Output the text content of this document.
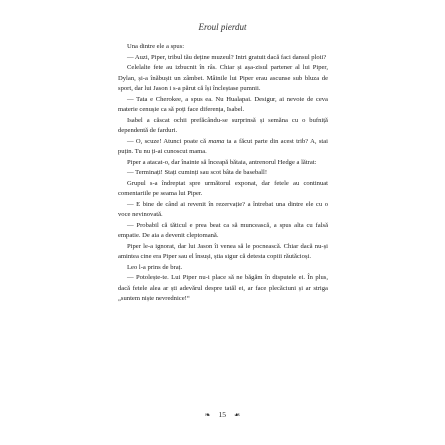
Eroul pierdut

Una dintre ele a spus:

— Auzi, Piper, tribul tău deține muzeul? Intri gratuit dacă faci dansul ploii?

Celelalte fete au izbucnit în râs. Chiar și așa-zisul partener al lui Piper, Dylan, și-a înăbușit un zâmbet. Mâinile lui Piper erau ascunse sub bluza de sport, dar lui Jason i s-a părut că își încleștase pumnii.

— Tata e Cherokee, a spus ea. Nu Hualapai. Desigur, ai nevoie de ceva materie cenușie ca să poți face diferența, Isabel.

Isabel a căscat ochii prefăcându-se surprinsă și semăna cu o bufniță dependentă de farduri.

— O, scuze! Atunci poate că mama ta a făcut parte din acest trib? A, stai puțin. Tu nu ți-ai cunoscut mama.

Piper a atacat-o, dar înainte să înceapă bătaia, antrenorul Hedge a lătrat:

— Terminați! Stați cuminți sau scot bâta de baseball!

Grupul s-a îndreptat spre următorul exponat, dar fetele au continuat comentariile pe seama lui Piper.

— E bine de când ai revenit în rezervație? a întrebat una dintre ele cu o voce nevinovată.

— Probabil că tăticul e prea beat ca să muncească, a spus alta cu falsă empatie. De aia a devenit cleptomană.

Piper le-a ignorat, dar lui Jason îi venea să le pocnească. Chiar dacă nu-și amintea cine era Piper sau el însuși, știa sigur că detesta copiii răutăcioși.

Leo l-a prins de braț.

— Potolește-te. Lui Piper nu-i place să ne băgăm în disputele ei. În plus, dacă fetele alea ar ști adevărul despre tatăl ei, ar face plecăciuni și ar striga „suntem niște nevrednice!“

❧ 15 ☙
